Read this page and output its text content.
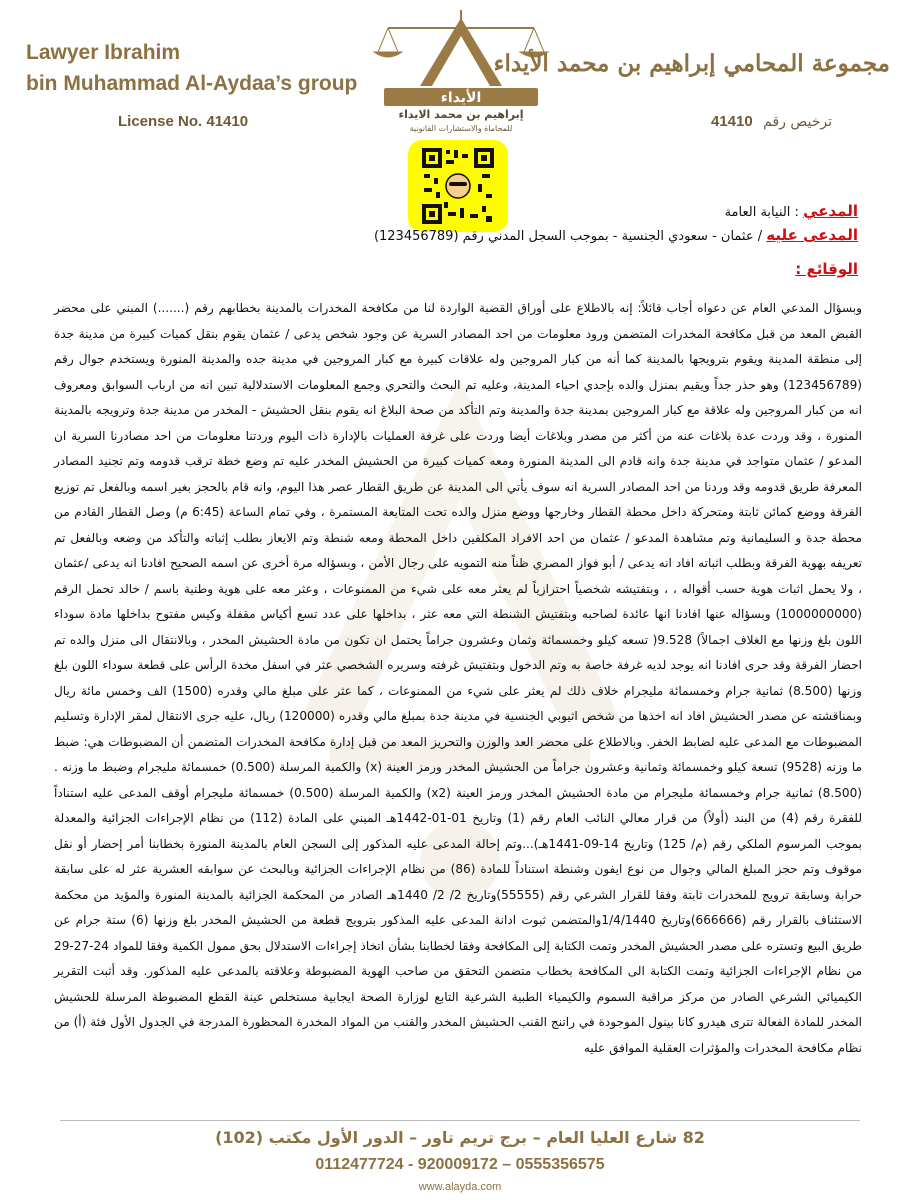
Lawyer Ibrahim
bin Muhammad Al-Aydaa’s group
License No. 41410
الأيداء
إبراهيم بن محمد الايداء
للمحاماة والاستشارات القانونية
مجموعة المحامي إبراهيم بن محمد الأيداء
ترخيص رقم 41410
المدعي : النيابة العامة
المدعى عليه / عثمان - سعودي الجنسية - بموجب السجل المدني رقم (123456789)
الوقائع :
وبسؤال المدعي العام عن دعواه أجاب قائلاً: إنه بالاطلاع على أوراق القضية الواردة لنا من مكافحة المخدرات بالمدينة بخطابهم رقم (.......) المبني على محضر القبض المعد من قبل مكافحة المخدرات المتضمن ورود معلومات من احد المصادر السرية عن وجود شخص يدعى / عثمان يقوم بنقل كميات كبيرة من مدينة جدة إلى منطقة المدينة ويقوم بترويجها بالمدينة كما أنه من كبار المروجين وله علاقات كبيرة مع كبار المروجين في مدينة جده والمدينة المنورة ويستخدم جوال رقم (123456789) وهو حذر جداً ويقيم بمنزل والده بإحدي احياء المدينة، وعليه تم البحث والتحري وجمع المعلومات الاستدلالية تبين انه من ارباب السوابق ومعروف انه من كبار المروجين وله علاقة مع كبار المروجين بمدينة جدة والمدينة وتم التأكد من صحة البلاغ انه يقوم بنقل الحشيش - المخدر من مدينة جدة وترويجه بالمدينة المنورة ، وقد وردت عدة بلاغات عنه من أكثر من مصدر وبلاغات أيضا وردت على غرفة العمليات بالإدارة ذات اليوم وردتنا معلومات من احد مصادرنا السرية ان المدعو / عثمان متواجد في مدينة جدة وانه قادم الى المدينة المنورة ومعه كميات كبيرة من الحشيش المخدر عليه تم وضع خطة ترقب قدومه وتم تجنيد المصادر المعرفة طريق قدومه وقد وردنا من احد المصادر السرية انه سوف يأتي الى المدينة عن طريق القطار عصر هذا اليوم، وانه قام بالحجز بغير اسمه وبالفعل تم توزيع الفرقة ووضع كمائن ثابتة ومتحركة داخل محطة القطار وخارجها ووضع منزل والده تحت المتابعة المستمرة ، وفي تمام الساعة (6:45 م) وصل القطار القادم من محطة جدة و السليمانية وتم مشاهدة المدعو / عثمان من احد الافراد المكلفين داخل المحطة ومعه شنطة وتم الايعاز بطلب إثباته والتأكد من وضعه وبالفعل تم تعريفه بهوية الفرقة وبطلب اثباته افاد انه يدعى / أبو فواز المصري ظناً منه التمويه على رجال الأمن ، وبسؤاله مرة أخرى عن اسمه الصحيح افادنا انه يدعى /عثمان ، ولا يحمل اثبات هوية حسب أقواله ، ، وبتفتيشه شخصياً احترازياً لم يعثر معه على شيء من الممنوعات ، وعثر معه على هوية وطنية باسم / خالد تحمل الرقم (1000000000) وبسؤاله عنها افادنا انها عائدة لصاحبه وبتفتيش الشنطة التي معه عثر ، بداخلها على عدد تسع أكياس مقفلة وكيس مفتوح بداخلها مادة سوداء اللون بلغ وزنها مع الغلاف اجمالاً) 9.528( تسعه كيلو وخمسمائة وثمان وعشرون جراماً يحتمل ان تكون من مادة الحشيش المخدر ، وبالانتقال الى منزل والده تم احضار الفرقة وقد حرى افادنا انه يوجد لديه غرفة خاصة به وتم الدخول وبتفتيش غرفته وسريره الشخصي عثر في اسفل مخدة الرأس على قطعة سوداء اللون بلغ وزنها (8.500) ثمانية جرام وخمسمائة مليجرام خلاف ذلك لم يعثر على شيء من الممنوعات ، كما عثر على مبلغ مالي وقدره (1500) الف وخمس مائة ريال وبمناقشته عن مصدر الحشيش افاد انه اخذها من شخص اثيوبي الجنسية في مدينة جدة بمبلغ مالي وقدره (120000) ريال، عليه جرى الانتقال لمقر الإدارة وتسليم المضبوطات مع المدعى عليه لضابط الخفر. وبالاطلاع على محضر العد والوزن والتحريز المعد من قبل إدارة مكافحة المخدرات المتضمن أن المضبوطات هي: ضبط ما وزنه (9528) تسعة كيلو وخمسمائة وثمانية وعشرون جراماً من الحشيش المخدر ورمز العينة (x) والكمية المرسلة (0.500) خمسمائة مليجرام وضبط ما وزنه . (8.500) ثمانية جرام وخمسمائة مليجرام من مادة الحشيش المخدر ورمز العينة (x2) والكمية المرسلة (0.500) خمسمائة مليجرام أوقف المدعى عليه استناداً للفقرة رقم (4) من البند (أولاً) من قرار معالي النائب العام رقم (1) وتاريخ 01-01-1442هـ المبني على المادة (112) من نظام الإجراءات الجزائية والمعدلة بموجب المرسوم الملكي رقم (م/ 125) وتاريخ 14-09-1441هـ)...وتم إحالة المدعى عليه المذكور إلى السجن العام بالمدينة المنورة بخطابنا أمر إحضار أو نقل موقوف وتم حجز المبلغ المالي وجوال من نوع ايفون وشنطة استناداً للمادة (86) من نظام الإجراءات الجزائية وبالبحث عن سوابقه العشرية عثر له على سابقة حرابة وسابقة ترويج للمخدرات ثابتة وفقا للقرار الشرعي رقم (55555)وتاريخ 2/ 2/ 1440هـ الصادر من المحكمة الجزائية بالمدينة المنورة والمؤيد من محكمة الاستئناف بالقرار رقم (666666)وتاريخ 1/4/1440والمتضمن ثبوت ادانة المدعى عليه المذكور بترويج قطعة من الحشيش المخدر بلغ وزنها (6) ستة جرام عن طريق البيع وتستره على مصدر الحشيش المخدر وتمت الكتابة إلى المكافحة وفقا لخطابنا بشأن اتخاذ إجراءات الاستدلال بحق ممول الكمية وفقا للمواد 24-27-29 من نظام الإجراءات الجزائية وتمت الكتابة الى المكافحة بخطاب متضمن التحقق من صاحب الهوية المضبوطة وعلاقته بالمدعى عليه المذكور. وقد أثبت التقرير الكيميائي الشرعي الصادر من مركز مراقبة السموم والكيمياء الطبية الشرعية التابع لوزارة الصحة ايجابية مستخلص عينة القطع المضبوطة المرسلة للحشيش المخدر للمادة الفعالة تترى هيدرو كانا بينول الموجودة في راتنج القنب الحشيش المخدر والقنب من المواد المخدرة المحظورة المدرجة في الجدول الأول فئة (أ) من نظام مكافحة المخدرات والمؤثرات العقلية الموافق عليه
82 شارع العليا العام – برج تريم تاور – الدور الأول مكتب (102)
0112477724 - 920009172 – 0555356575
www.alayda.com
